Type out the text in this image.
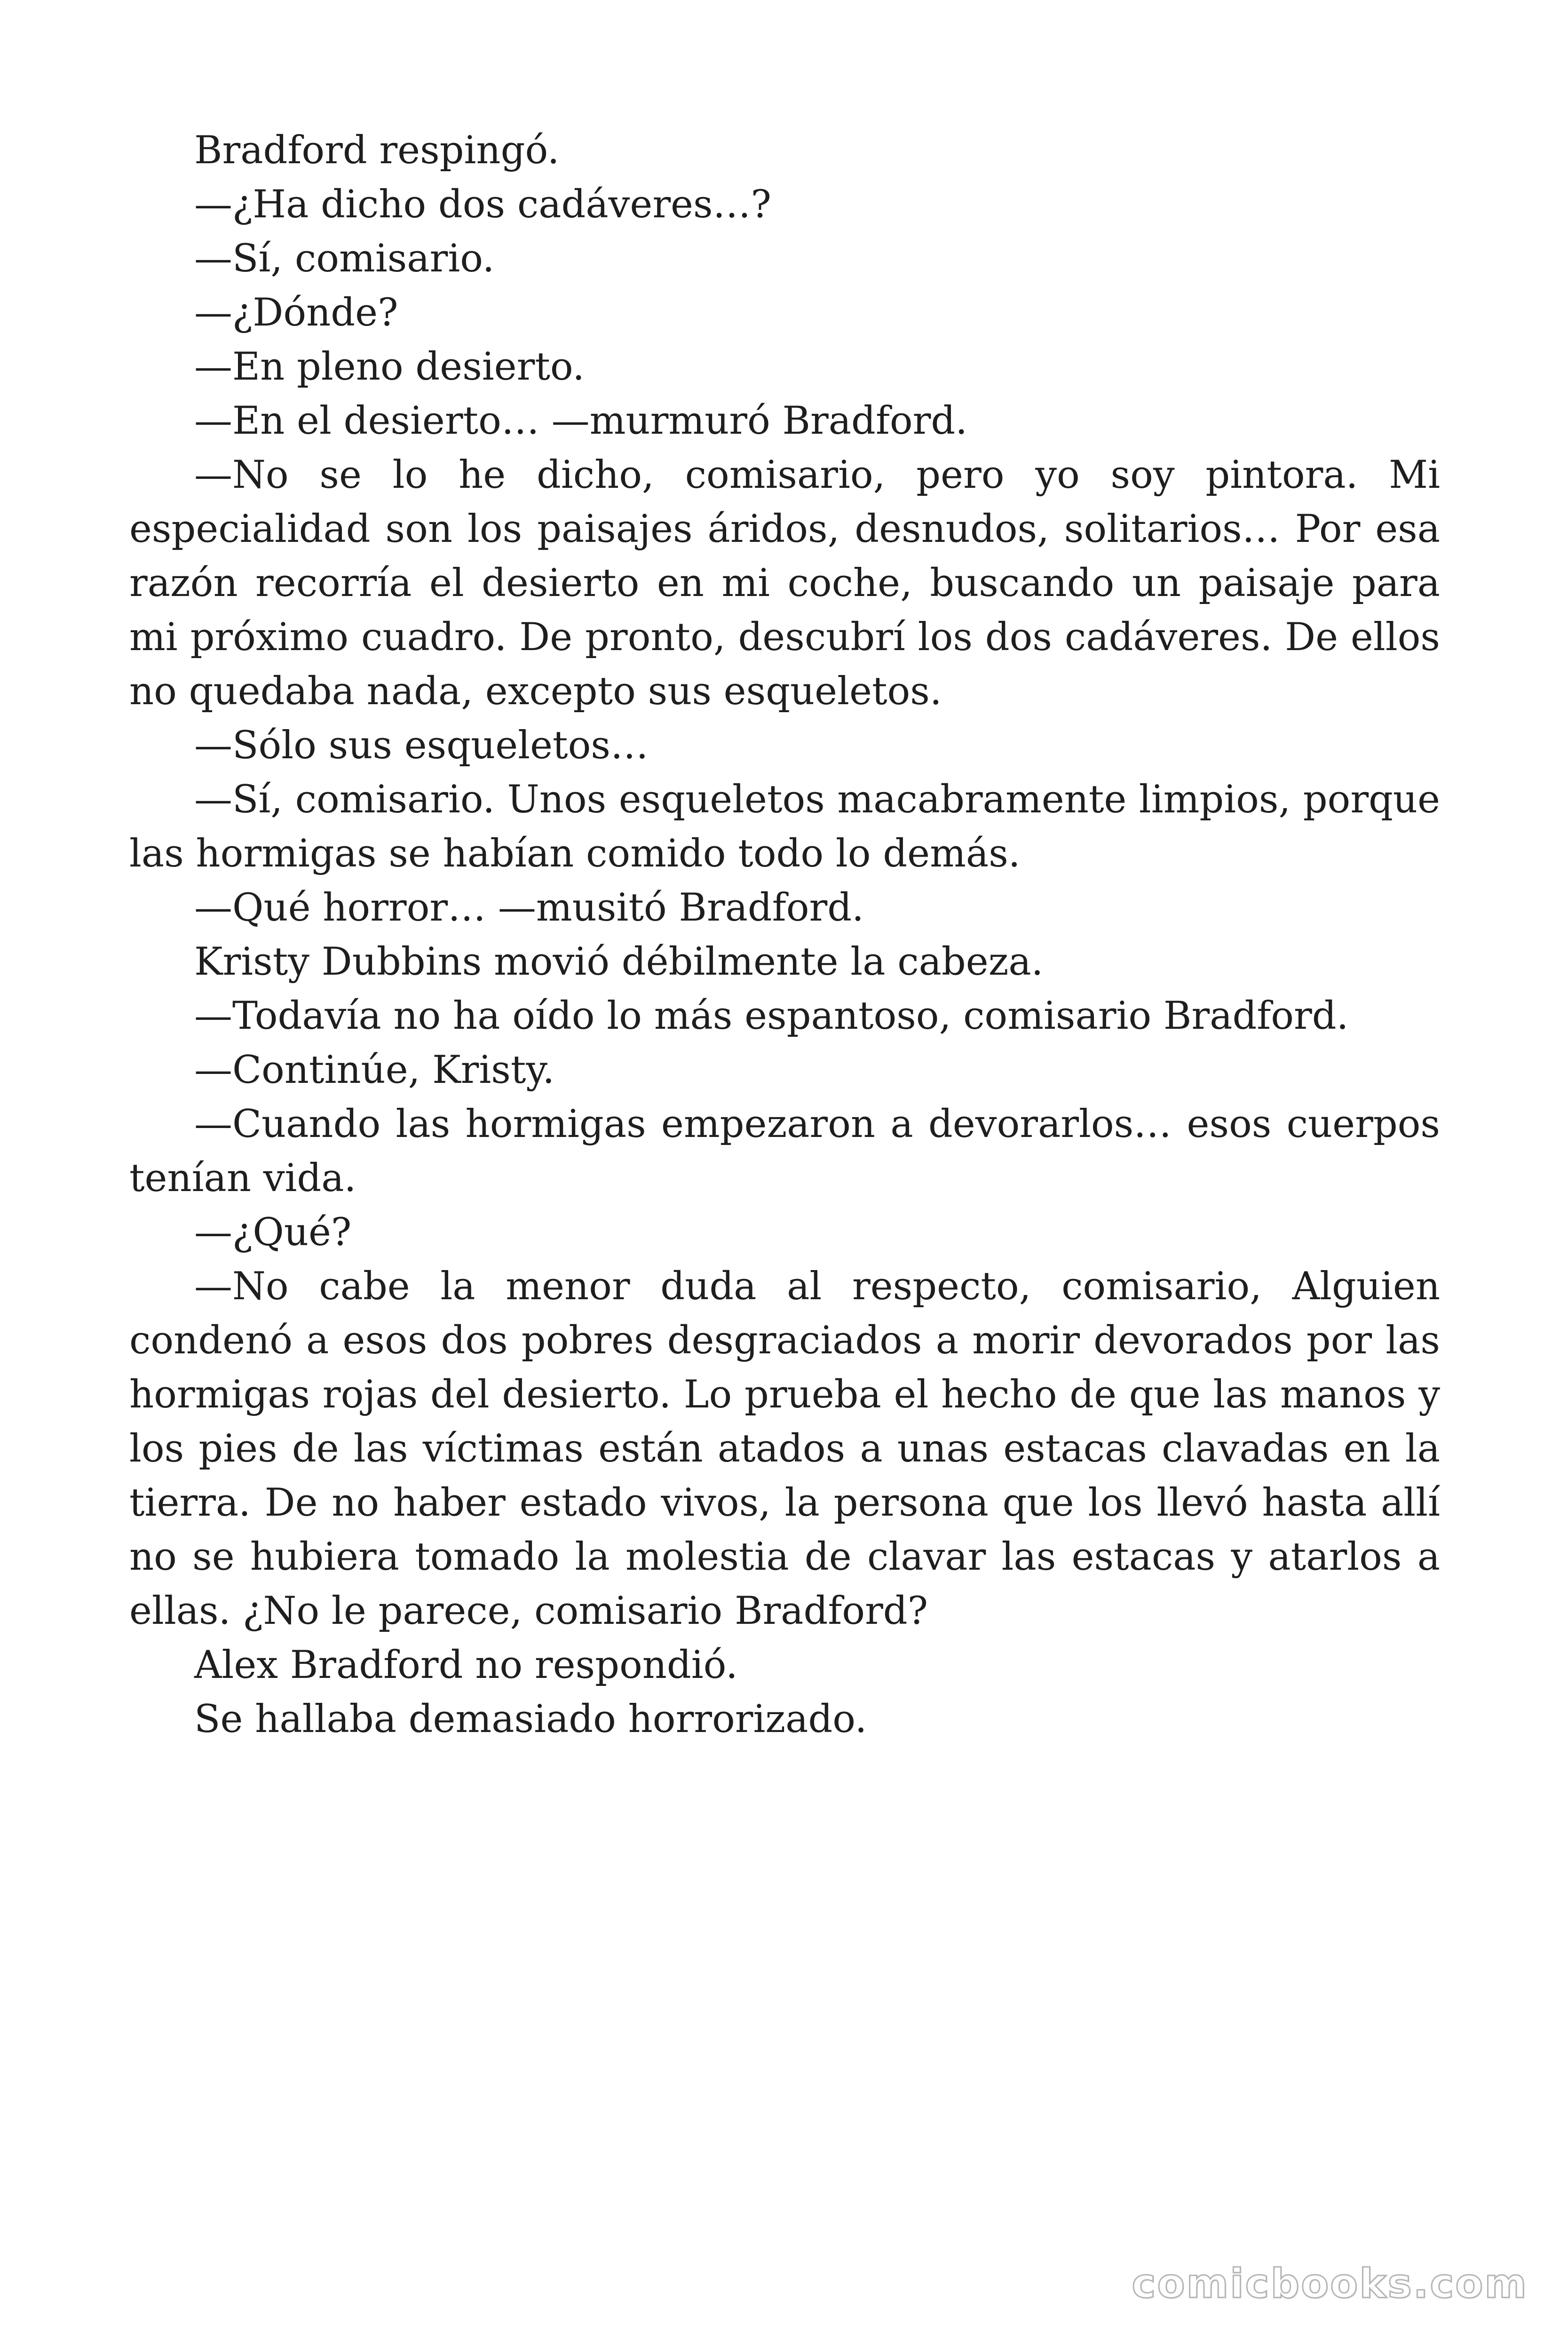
Bradford respingó.

—¿Ha dicho dos cadáveres…?

—Sí, comisario.

—¿Dónde?

—En pleno desierto.

—En el desierto… —murmuró Bradford.

—No se lo he dicho, comisario, pero yo soy pintora. Mi especialidad son los paisajes áridos, desnudos, solitarios… Por esa razón recorría el desierto en mi coche, buscando un paisaje para mi próximo cuadro. De pronto, descubrí los dos cadáveres. De ellos no quedaba nada, excepto sus esqueletos.

—Sólo sus esqueletos…

—Sí, comisario. Unos esqueletos macabramente limpios, porque las hormigas se habían comido todo lo demás.

—Qué horror… —musitó Bradford.

Kristy Dubbins movió débilmente la cabeza.

—Todavía no ha oído lo más espantoso, comisario Bradford.

—Continúe, Kristy.

—Cuando las hormigas empezaron a devorarlos… esos cuerpos tenían vida.

—¿Qué?

—No cabe la menor duda al respecto, comisario, Alguien condenó a esos dos pobres desgraciados a morir devorados por las hormigas rojas del desierto. Lo prueba el hecho de que las manos y los pies de las víctimas están atados a unas estacas clavadas en la tierra. De no haber estado vivos, la persona que los llevó hasta allí no se hubiera tomado la molestia de clavar las estacas y atarlos a ellas. ¿No le parece, comisario Bradford?

Alex Bradford no respondió.

Se hallaba demasiado horrorizado.

comicbooks.com
